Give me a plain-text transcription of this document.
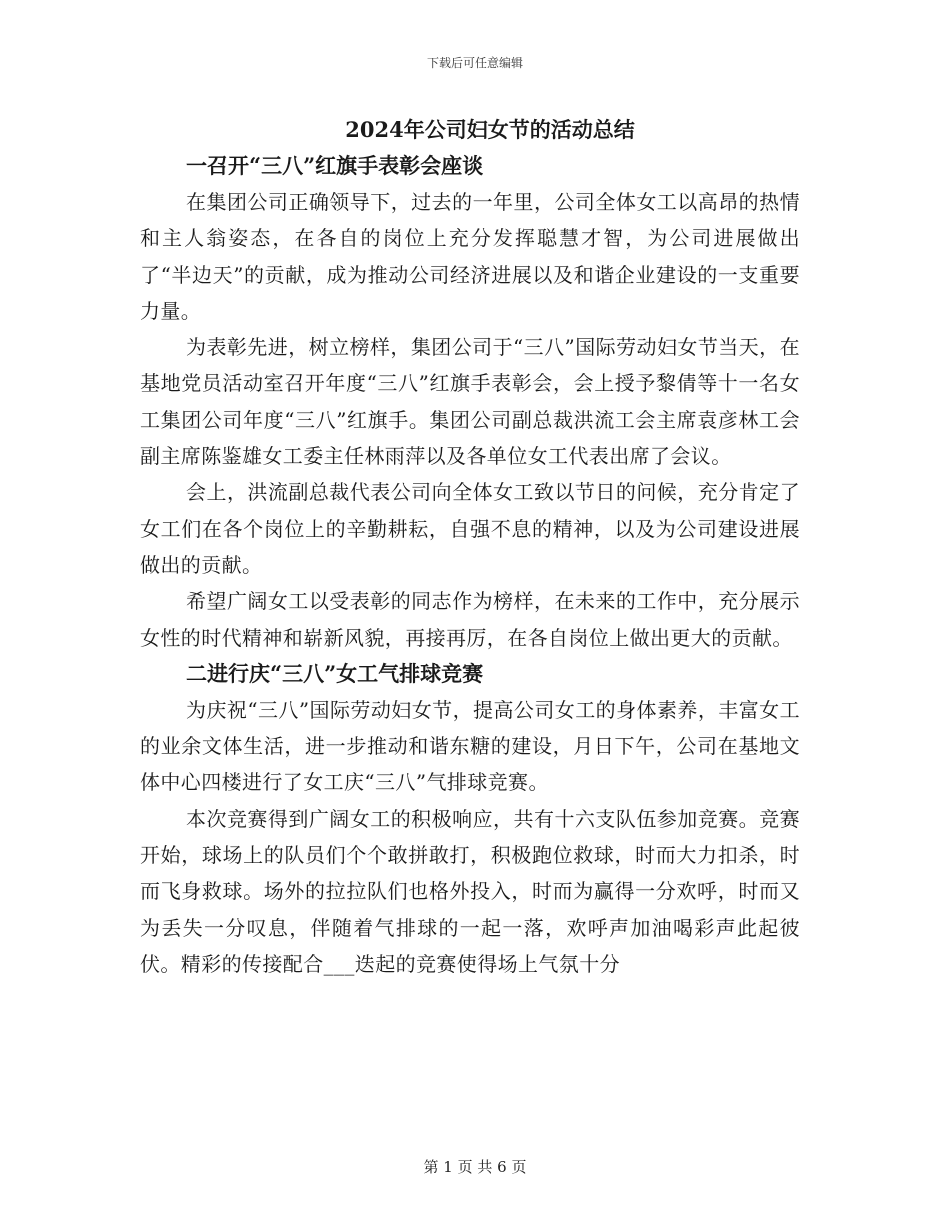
下载后可任意编辑
2024年公司妇女节的活动总结
一召开“三八”红旗手表彰会座谈

在集团公司正确领导下，过去的一年里，公司全体女工以高昂的热情和主人翁姿态，在各自的岗位上充分发挥聪慧才智，为公司进展做出了“半边天”的贡献，成为推动公司经济进展以及和谐企业建设的一支重要力量。

为表彰先进，树立榜样，集团公司于“三八”国际劳动妇女节当天，在基地党员活动室召开年度“三八”红旗手表彰会，会上授予黎倩等十一名女工集团公司年度“三八”红旗手。集团公司副总裁洪流工会主席袁彦林工会副主席陈鉴雄女工委主任林雨萍以及各单位女工代表出席了会议。

会上，洪流副总裁代表公司向全体女工致以节日的问候，充分肯定了女工们在各个岗位上的辛勤耕耘，自强不息的精神，以及为公司建设进展做出的贡献。

希望广阔女工以受表彰的同志作为榜样，在未来的工作中，充分展示女性的时代精神和崭新风貌，再接再厉，在各自岗位上做出更大的贡献。

二进行庆“三八”女工气排球竞赛

为庆祝“三八”国际劳动妇女节，提高公司女工的身体素养，丰富女工的业余文体生活，进一步推动和谐东糖的建设，月日下午，公司在基地文体中心四楼进行了女工庆“三八”气排球竞赛。

本次竞赛得到广阔女工的积极响应，共有十六支队伍参加竞赛。竞赛开始，球场上的队员们个个敢拼敢打，积极跑位救球，时而大力扣杀，时而飞身救球。场外的拉拉队们也格外投入，时而为赢得一分欢呼，时而又为丢失一分叹息，伴随着气排球的一起一落，欢呼声加油喝彩声此起彼伏。精彩的传接配合___迭起的竞赛使得场上气氛十分

第 1 页 共 6 页
